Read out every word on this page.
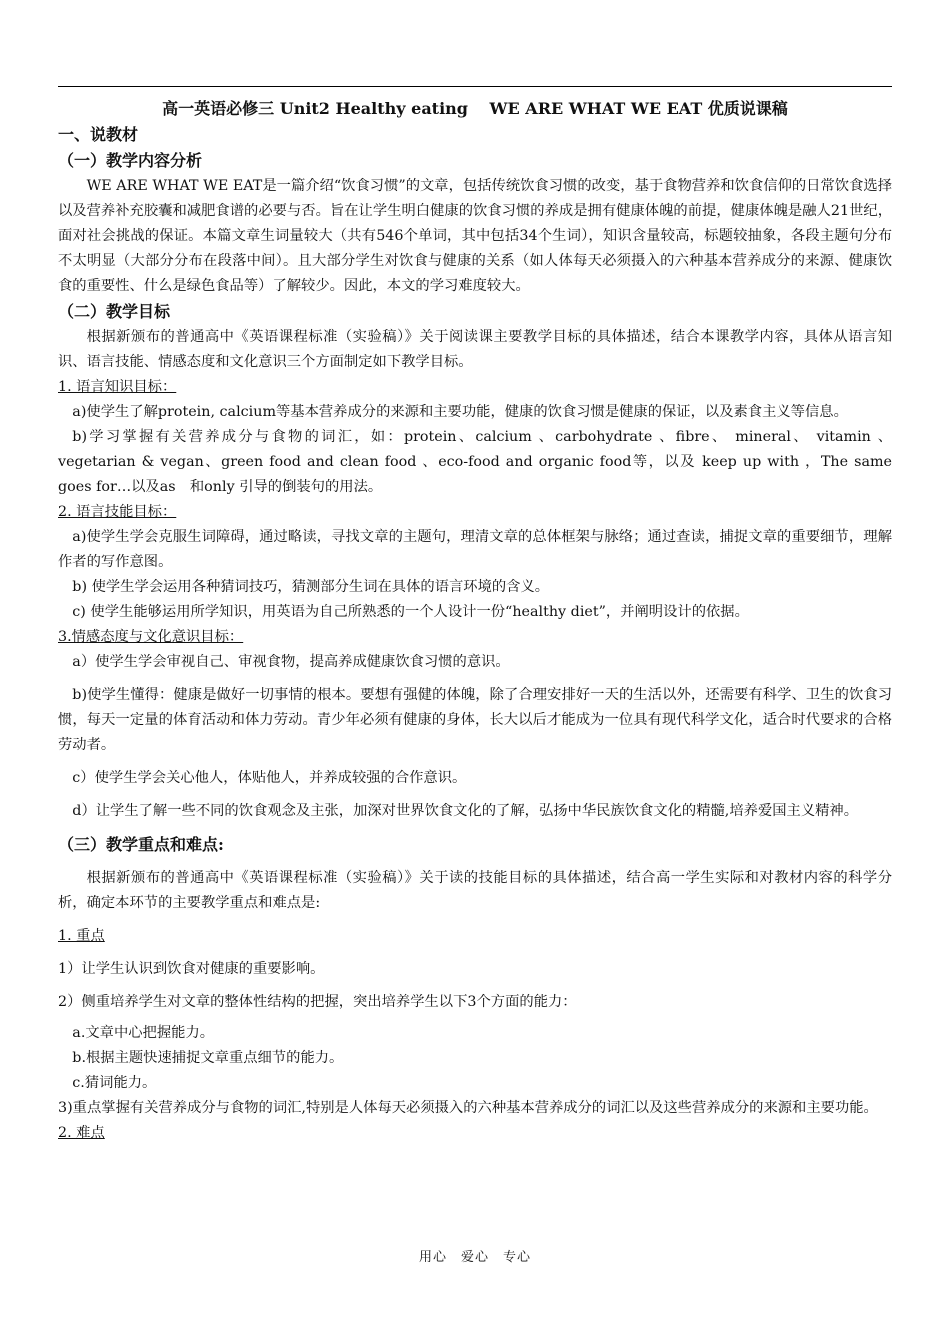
高一英语必修三 Unit2 Healthy eating　 WE ARE WHAT WE EAT 优质说课稿
一、说教材
（一）教学内容分析

WE ARE WHAT WE EAT是一篇介绍“饮食习惯”的文章，包括传统饮食习惯的改变，基于食物营养和饮食信仰的日常饮食选择以及营养补充胶囊和减肥食谱的必要与否。旨在让学生明白健康的饮食习惯的养成是拥有健康体魄的前提，健康体魄是融人21世纪，面对社会挑战的保证。本篇文章生词量较大（共有546个单词，其中包括34个生词），知识含量较高，标题较抽象，各段主题句分布不太明显（大部分分布在段落中间）。且大部分学生对饮食与健康的关系（如人体每天必须摄入的六种基本营养成分的来源、健康饮食的重要性、什么是绿色食品等）了解较少。因此，本文的学习难度较大。

（二）教学目标

根据新颁布的普通高中《英语课程标准（实验稿）》关于阅读课主要教学目标的具体描述，结合本课教学内容，具体从语言知识、语言技能、情感态度和文化意识三个方面制定如下教学目标。

1. 语言知识目标：

a)使学生了解protein, calcium等基本营养成分的来源和主要功能，健康的饮食习惯是健康的保证，以及素食主义等信息。

b)学习掌握有关营养成分与食物的词汇，如：protein、calcium 、carbohydrate 、fibre、 mineral、 vitamin 、vegetarian & vegan、green food and clean food 、eco-food and organic food等，以及 keep up with ，The same goes for…以及as　和only 引导的倒装句的用法。

2. 语言技能目标：

a)使学生学会克服生词障碍，通过略读，寻找文章的主题句，理清文章的总体框架与脉络；通过查读，捕捉文章的重要细节，理解作者的写作意图。

b) 使学生学会运用各种猜词技巧，猜测部分生词在具体的语言环境的含义。

c) 使学生能够运用所学知识，用英语为自己所熟悉的一个人设计一份“healthy diet”，并阐明设计的依据。

3.情感态度与文化意识目标：

a）使学生学会审视自己、审视食物，提高养成健康饮食习惯的意识。

b)使学生懂得：健康是做好一切事情的根本。要想有强健的体魄，除了合理安排好一天的生活以外，还需要有科学、卫生的饮食习惯，每天一定量的体育活动和体力劳动。青少年必须有健康的身体，长大以后才能成为一位具有现代科学文化，适合时代要求的合格劳动者。

c）使学生学会关心他人，体贴他人，并养成较强的合作意识。

d）让学生了解一些不同的饮食观念及主张，加深对世界饮食文化的了解，弘扬中华民族饮食文化的精髓,培养爱国主义精神。

（三）教学重点和难点:

根据新颁布的普通高中《英语课程标准（实验稿）》关于读的技能目标的具体描述，结合高一学生实际和对教材内容的科学分析，确定本环节的主要教学重点和难点是:

1. 重点

1）让学生认识到饮食对健康的重要影响。

2）侧重培养学生对文章的整体性结构的把握，突出培养学生以下3个方面的能力：

a.文章中心把握能力。

b.根据主题快速捕捉文章重点细节的能力。

c.猜词能力。

3)重点掌握有关营养成分与食物的词汇,特别是人体每天必须摄入的六种基本营养成分的词汇以及这些营养成分的来源和主要功能。

2. 难点
用心　爱心　专心
